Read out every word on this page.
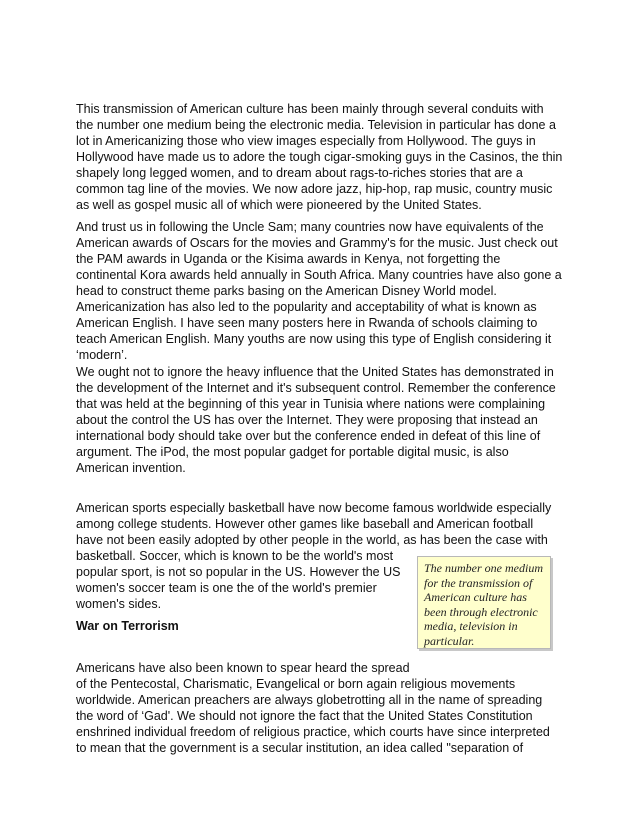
This transmission of American culture has been mainly through several conduits with
the number one medium being the electronic media. Television in particular has done a
lot in Americanizing those who view images especially from Hollywood. The guys in
Hollywood have made us to adore the tough cigar-smoking guys in the Casinos, the thin
shapely long legged women, and to dream about rags-to-riches stories that are a
common tag line of the movies. We now adore jazz, hip-hop, rap music, country music
as well as gospel music all of which were pioneered by the United States.

And trust us in following the Uncle Sam; many countries now have equivalents of the
American awards of Oscars for the movies and Grammy's for the music. Just check out
the PAM awards in Uganda or the Kisima awards in Kenya, not forgetting the
continental Kora awards held annually in South Africa. Many countries have also gone a
head to construct theme parks basing on the American Disney World model.
Americanization has also led to the popularity and acceptability of what is known as
American English. I have seen many posters here in Rwanda of schools claiming to
teach American English. Many youths are now using this type of English considering it
‘modern’.

We ought not to ignore the heavy influence that the United States has demonstrated in
the development of the Internet and it's subsequent control. Remember the conference
that was held at the beginning of this year in Tunisia where nations were complaining
about the control the US has over the Internet. They were proposing that instead an
international body should take over but the conference ended in defeat of this line of
argument. The iPod, the most popular gadget for portable digital music, is also
American invention.

American sports especially basketball have now become famous worldwide especially
among college students. However other games like baseball and American football
have not been easily adopted by other people in the world, as has been the case with
basketball. Soccer, which is known to be the world's most
popular sport, is not so popular in the US. However the US
women's soccer team is one the of the world's premier
women's sides.

War on Terrorism
The number one medium
for the transmission of
American culture has
been through electronic
media, television in
particular.

Americans have also been known to spear heard the spread
of the Pentecostal, Charismatic, Evangelical or born again religious movements
worldwide. American preachers are always globetrotting all in the name of spreading
the word of ‘Gad'. We should not ignore the fact that the United States Constitution
enshrined individual freedom of religious practice, which courts have since interpreted
to mean that the government is a secular institution, an idea called "separation of
